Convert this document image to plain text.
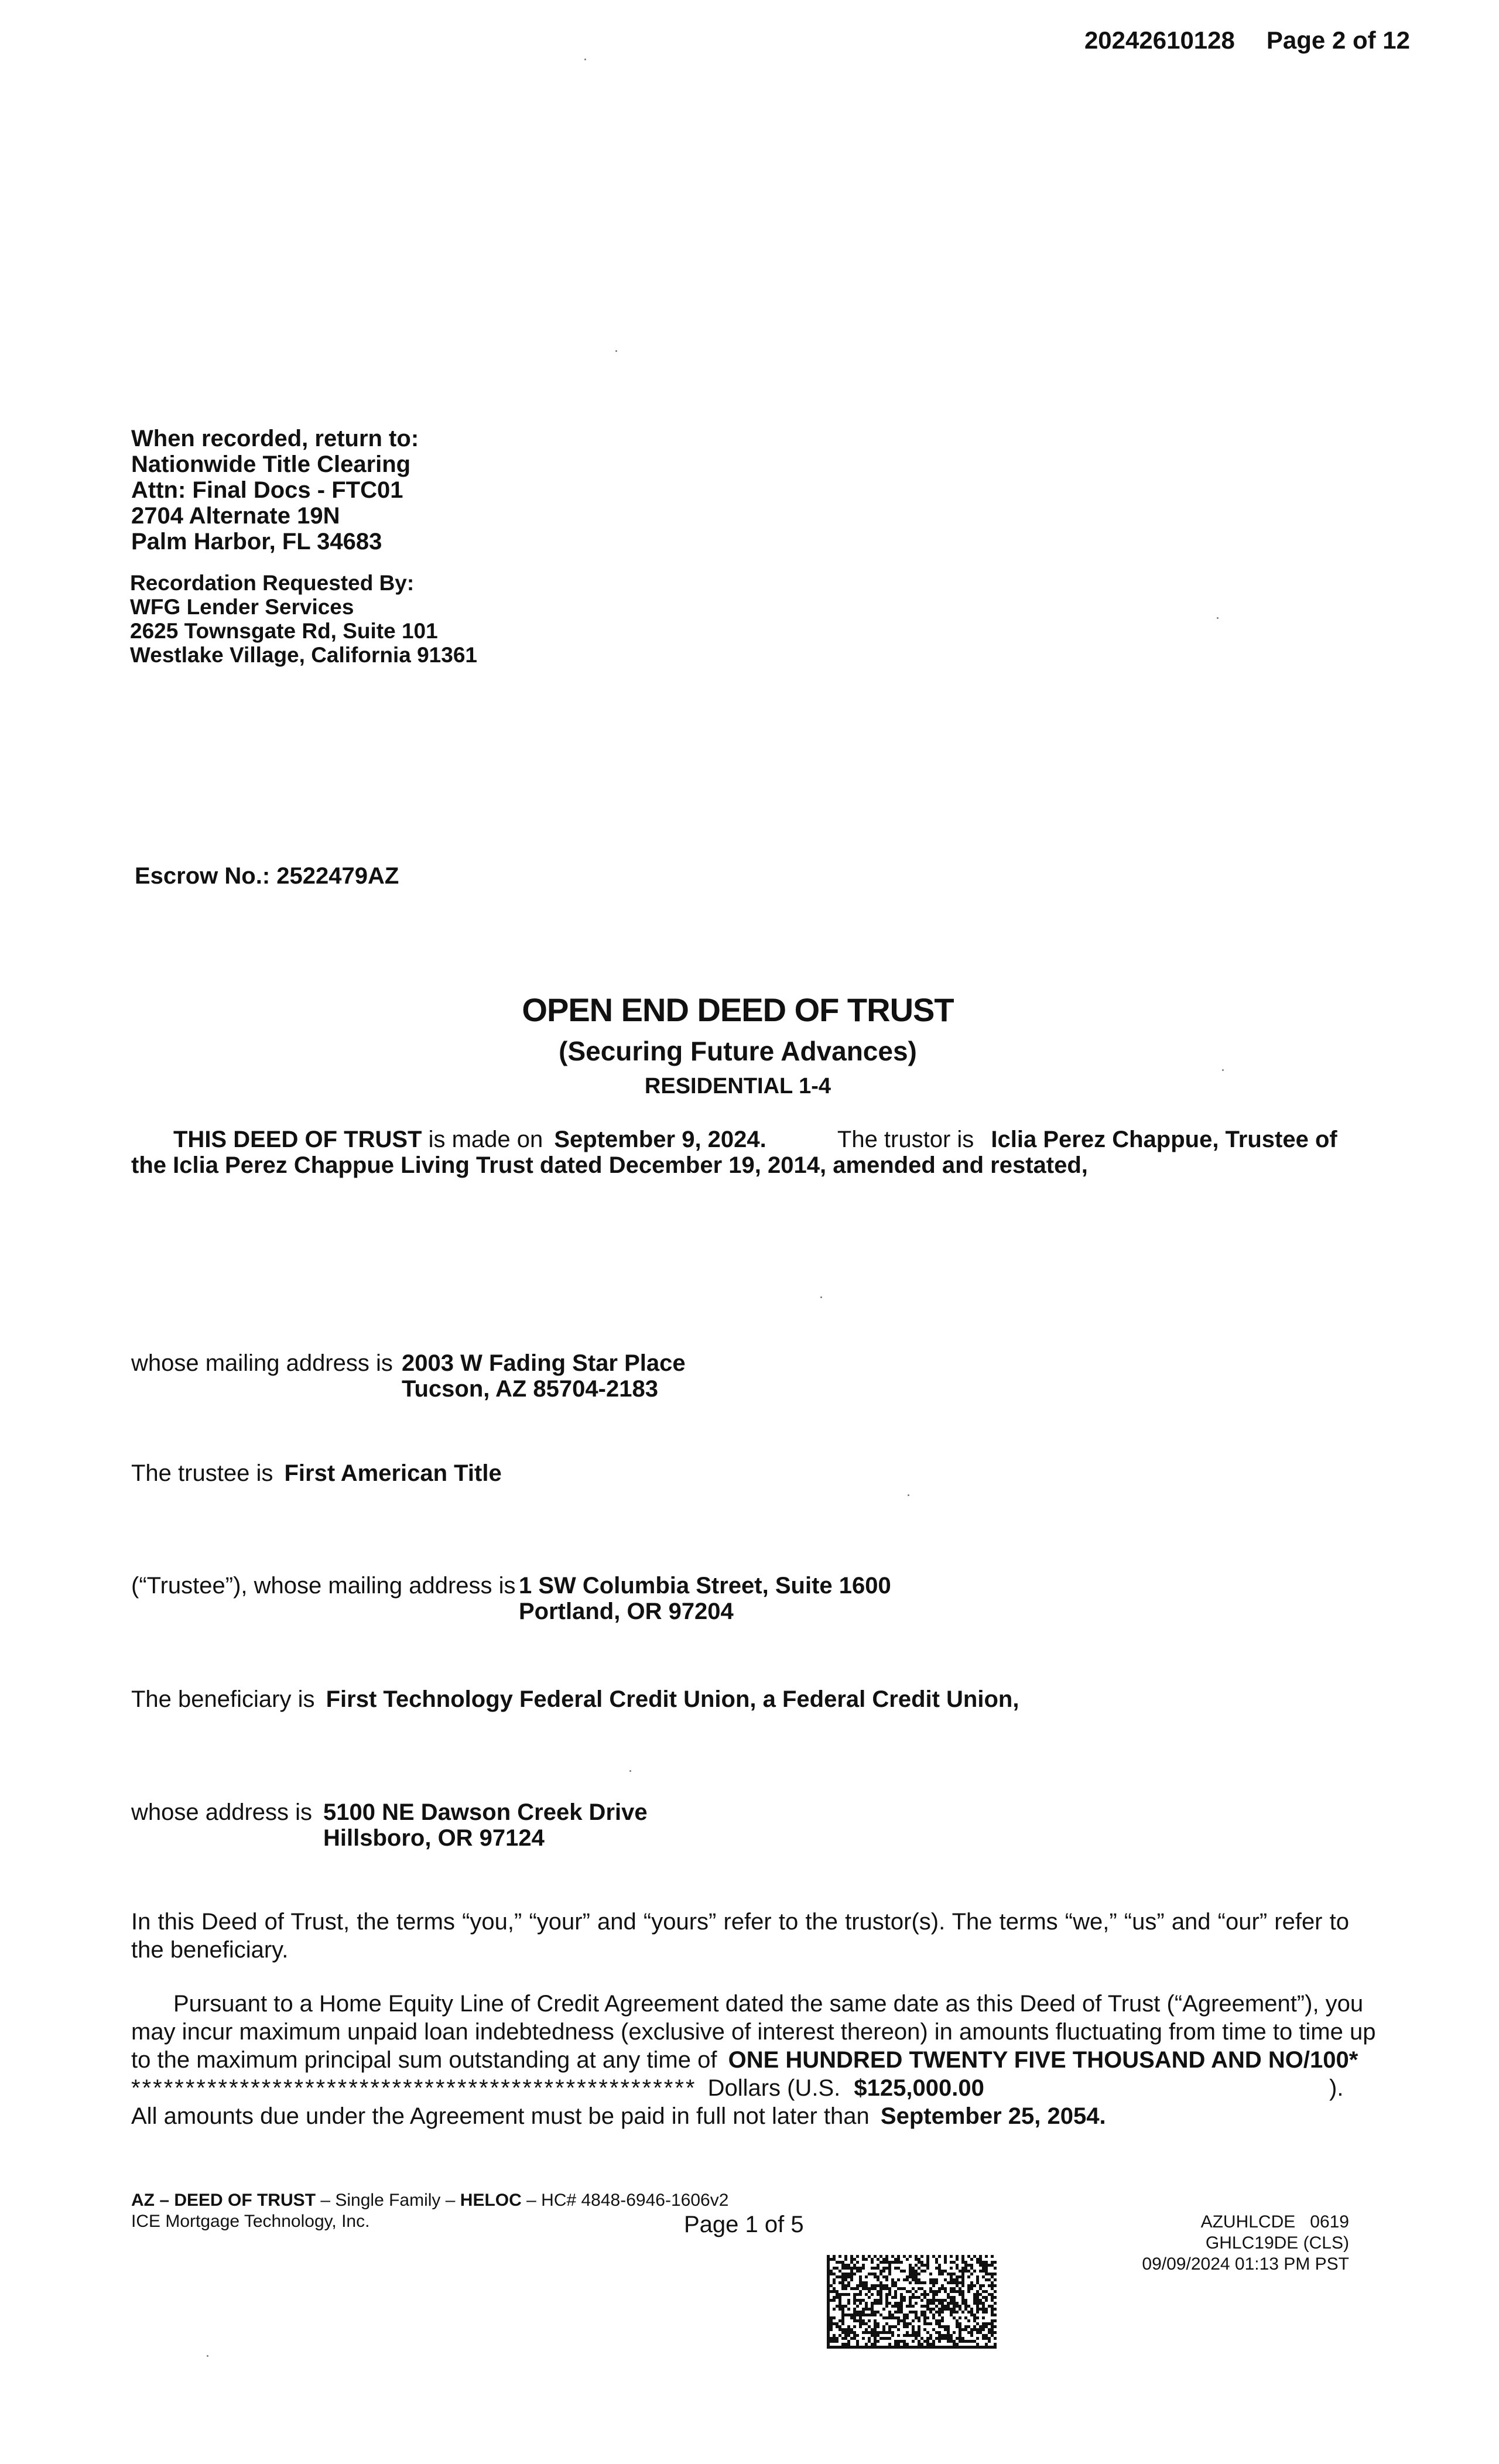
20242610128 Page 2 of 12
When recorded, return to:
Nationwide Title Clearing
Attn: Final Docs - FTC01
2704 Alternate 19N
Palm Harbor, FL 34683
Recordation Requested By:
WFG Lender Services
2625 Townsgate Rd, Suite 101
Westlake Village, California 91361
Escrow No.: 2522479AZ
OPEN END DEED OF TRUST
(Securing Future Advances)
RESIDENTIAL 1-4
THIS DEED OF TRUST is made on September 9, 2024.	The trustor is Iclia Perez Chappue, Trustee of
the Iclia Perez Chappue Living Trust dated December 19, 2014, amended and restated,
whose mailing address is 2003 W Fading Star Place
Tucson, AZ 85704-2183
The trustee is First American Title
(“Trustee”), whose mailing address is 1 SW Columbia Street, Suite 1600
Portland, OR 97204
The beneficiary is First Technology Federal Credit Union, a Federal Credit Union,
whose address is 5100 NE Dawson Creek Drive
Hillsboro, OR 97124

In this Deed of Trust, the terms “you,” “your” and “yours” refer to the trustor(s). The terms “we,” “us” and “our” refer to the beneficiary.

Pursuant to a Home Equity Line of Credit Agreement dated the same date as this Deed of Trust (“Agreement”), you
may incur maximum unpaid loan indebtedness (exclusive of interest thereon) in amounts fluctuating from time to time up
to the maximum principal sum outstanding at any time of ONE HUNDRED TWENTY FIVE THOUSAND AND NO/100*
**************************************************** Dollars (U.S. $125,000.00	).
All amounts due under the Agreement must be paid in full not later than September 25, 2054.
AZ – DEED OF TRUST – Single Family – HELOC – HC# 4848-6946-1606v2
ICE Mortgage Technology, Inc.	Page 1 of 5	AZUHLCDE   0619
GHLC19DE (CLS)
09/09/2024 01:13 PM PST
